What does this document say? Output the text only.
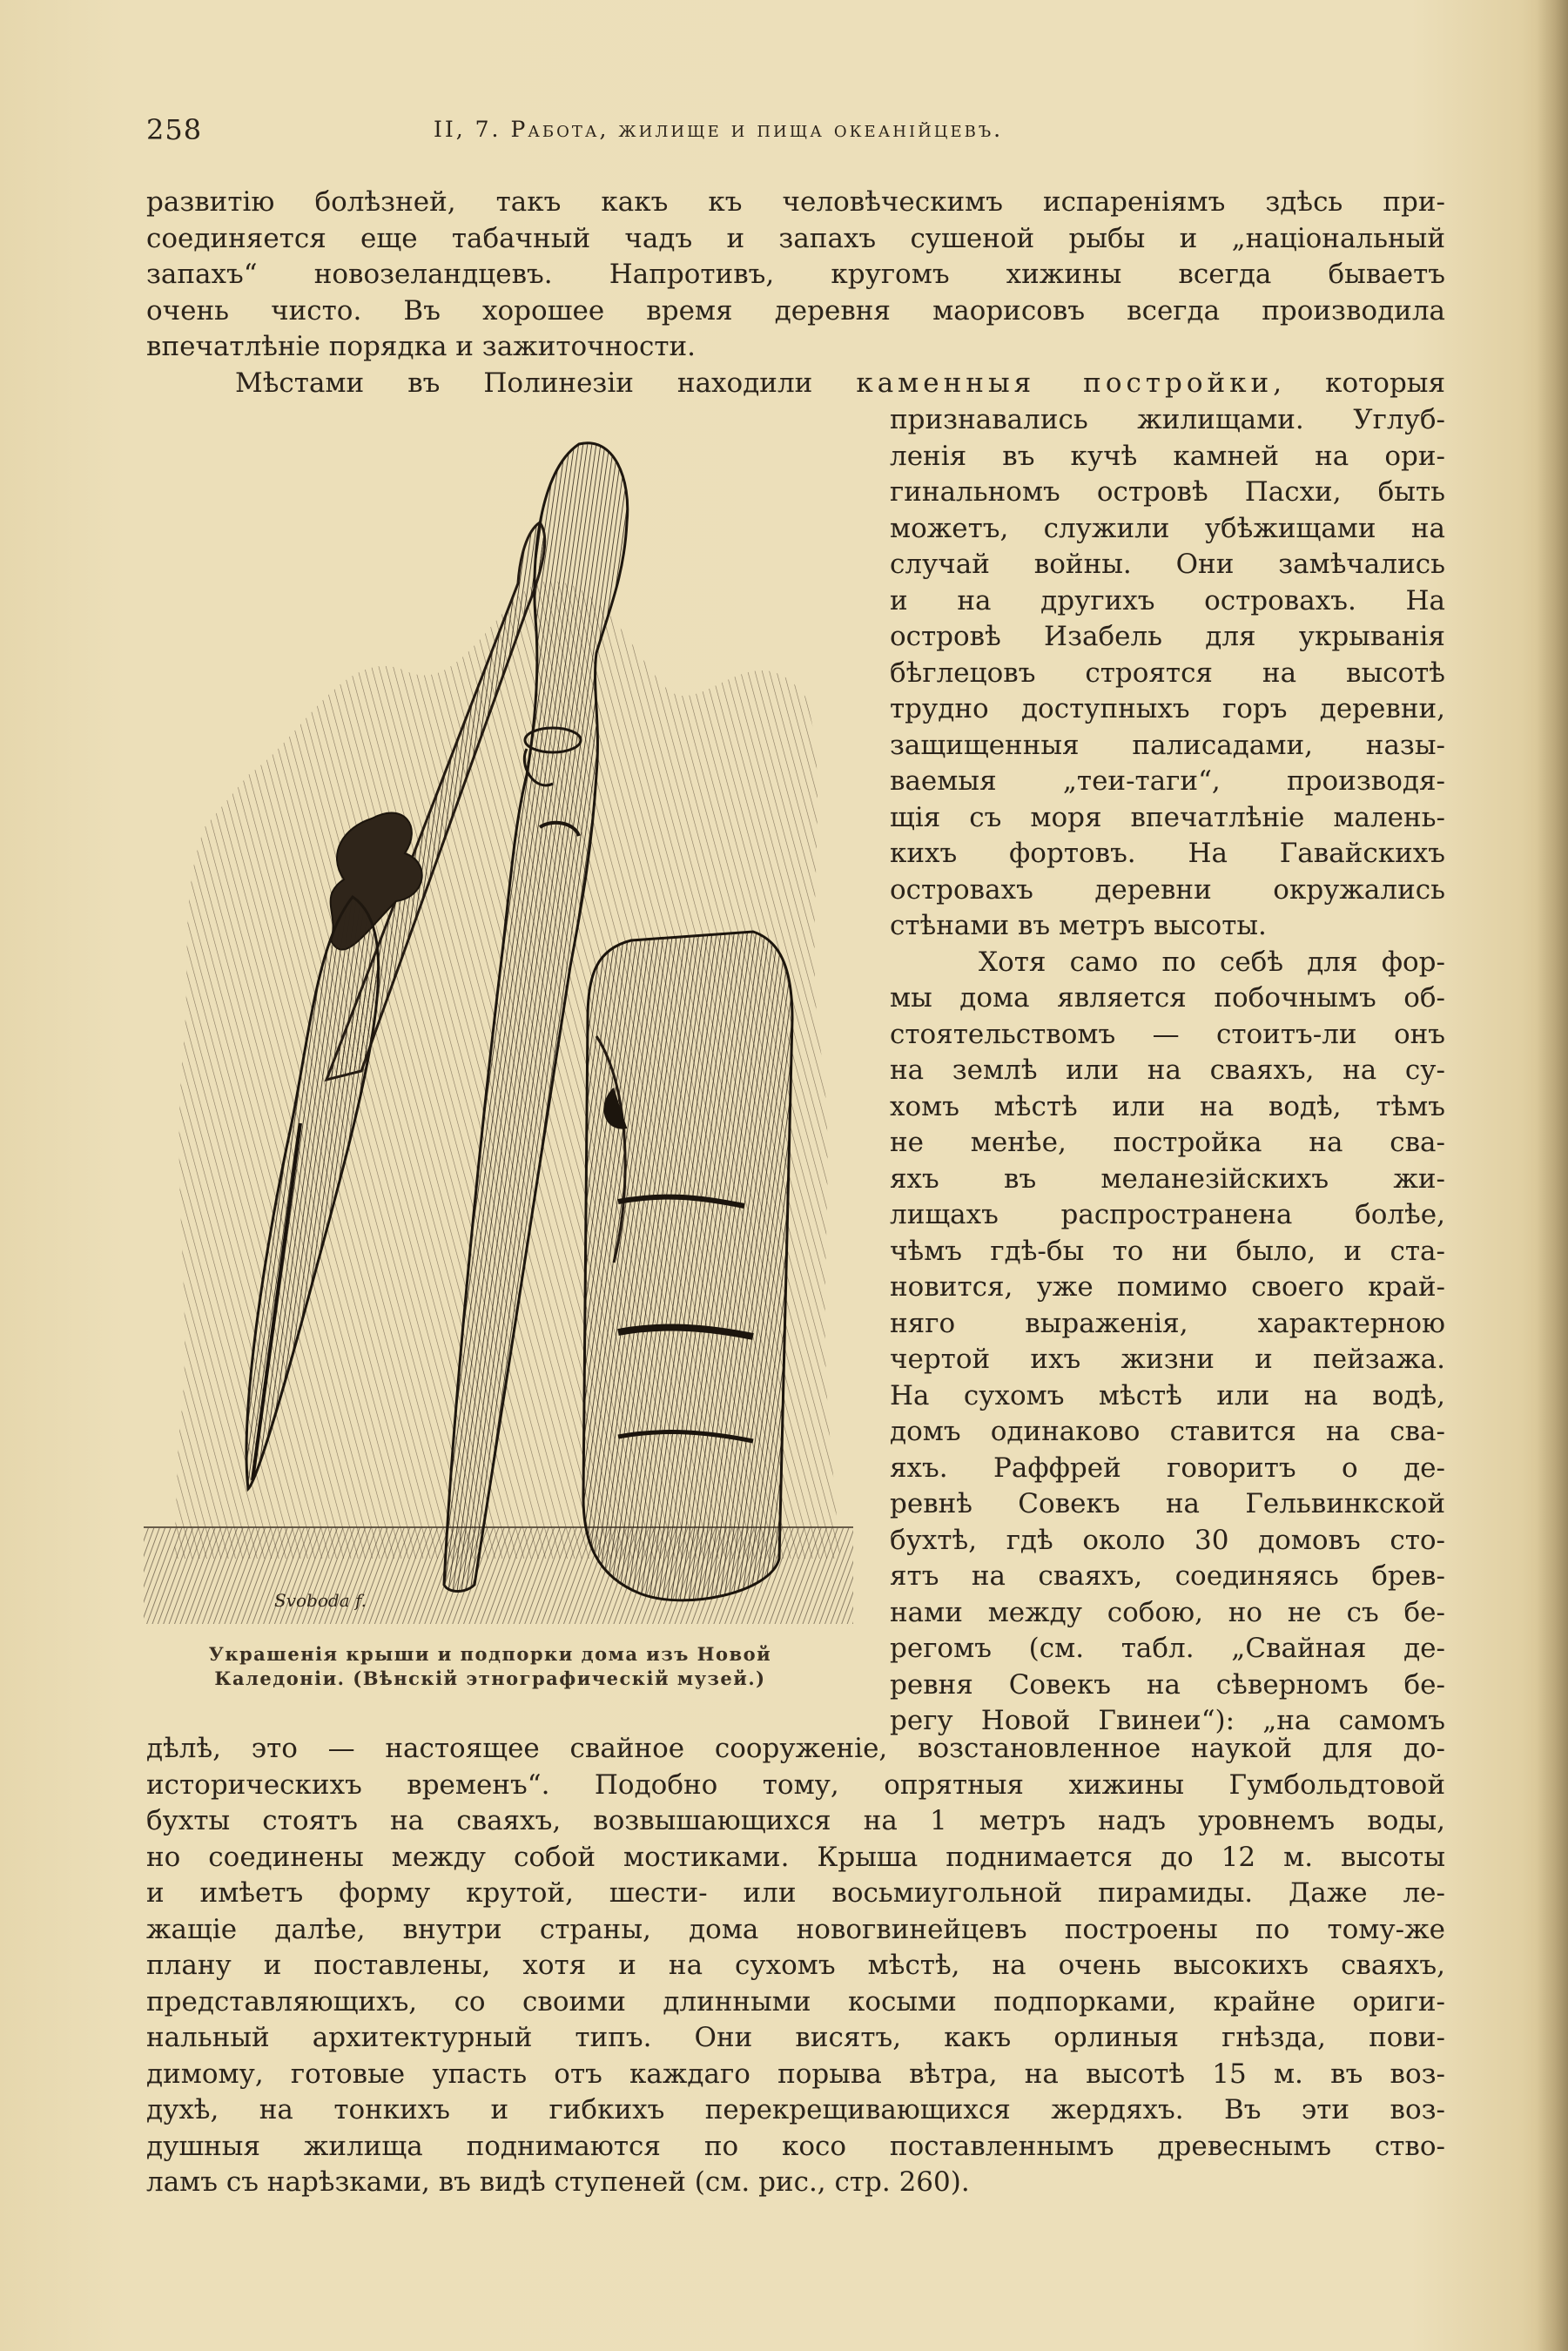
258	II, 7. Работа, жилище и пища океанійцевъ.
развитію болѣзней, такъ какъ къ человѣческимъ испареніямъ здѣсь при-
соединяется еще табачный чадъ и запахъ сушеной рыбы и „національный
запахъ“ новозеландцевъ. Напротивъ, кругомъ хижины всегда бываетъ
очень чисто. Въ хорошее время деревня маорисовъ всегда производила
впечатлѣніе порядка и зажиточности.
Мѣстами въ Полинезіи находили каменныя постройки, которыя
Svoboda f.
Украшенія крыши и подпорки дома изъ Новой
Каледоніи. (Вѣнскій этнографическій музей.)
признавались жилищами. Углуб-
ленія въ кучѣ камней на ори-
гинальномъ островѣ Пасхи, быть
можетъ, служили убѣжищами на
случай войны. Они замѣчались
и на другихъ островахъ. На
островѣ Изабель для укрыванія
бѣглецовъ строятся на высотѣ
трудно доступныхъ горъ деревни,
защищенныя палисадами, назы-
ваемыя „теи-таги“, производя-
щія съ моря впечатлѣніе малень-
кихъ фортовъ. На Гавайскихъ
островахъ деревни окружались
стѣнами въ метръ высоты.
Хотя само по себѣ для фор-
мы дома является побочнымъ об-
стоятельствомъ — стоитъ-ли онъ
на землѣ или на сваяхъ, на су-
хомъ мѣстѣ или на водѣ, тѣмъ
не менѣе, постройка на сва-
яхъ въ меланезійскихъ жи-
лищахъ распространена болѣе,
чѣмъ гдѣ-бы то ни было, и ста-
новится, уже помимо своего край-
няго выраженія, характерною
чертой ихъ жизни и пейзажа.
На сухомъ мѣстѣ или на водѣ,
домъ одинаково ставится на сва-
яхъ. Раффрей говоритъ о де-
ревнѣ Совекъ на Гельвинкской
бухтѣ, гдѣ около 30 домовъ сто-
ятъ на сваяхъ, соединяясь брев-
нами между собою, но не съ бе-
регомъ (см. табл. „Свайная де-
ревня Совекъ на сѣверномъ бе-
регу Новой Гвинеи“): „на самомъ
дѣлѣ, это — настоящее свайное сооруженіе, возстановленное наукой для до-
историческихъ временъ“. Подобно тому, опрятныя хижины Гумбольдтовой
бухты стоятъ на сваяхъ, возвышающихся на 1 метръ надъ уровнемъ воды,
но соединены между собой мостиками. Крыша поднимается до 12 м. высоты
и имѣетъ форму крутой, шести- или восьмиугольной пирамиды. Даже ле-
жащіе далѣе, внутри страны, дома новогвинейцевъ построены по тому-же
плану и поставлены, хотя и на сухомъ мѣстѣ, на очень высокихъ сваяхъ,
представляющихъ, со своими длинными косыми подпорками, крайне ориги-
нальный архитектурный типъ. Они висятъ, какъ орлиныя гнѣзда, пови-
димому, готовые упасть отъ каждаго порыва вѣтра, на высотѣ 15 м. въ воз-
духѣ, на тонкихъ и гибкихъ перекрещивающихся жердяхъ. Въ эти воз-
душныя жилища поднимаются по косо поставленнымъ древеснымъ ство-
ламъ съ нарѣзками, въ видѣ ступеней (см. рис., стр. 260).
